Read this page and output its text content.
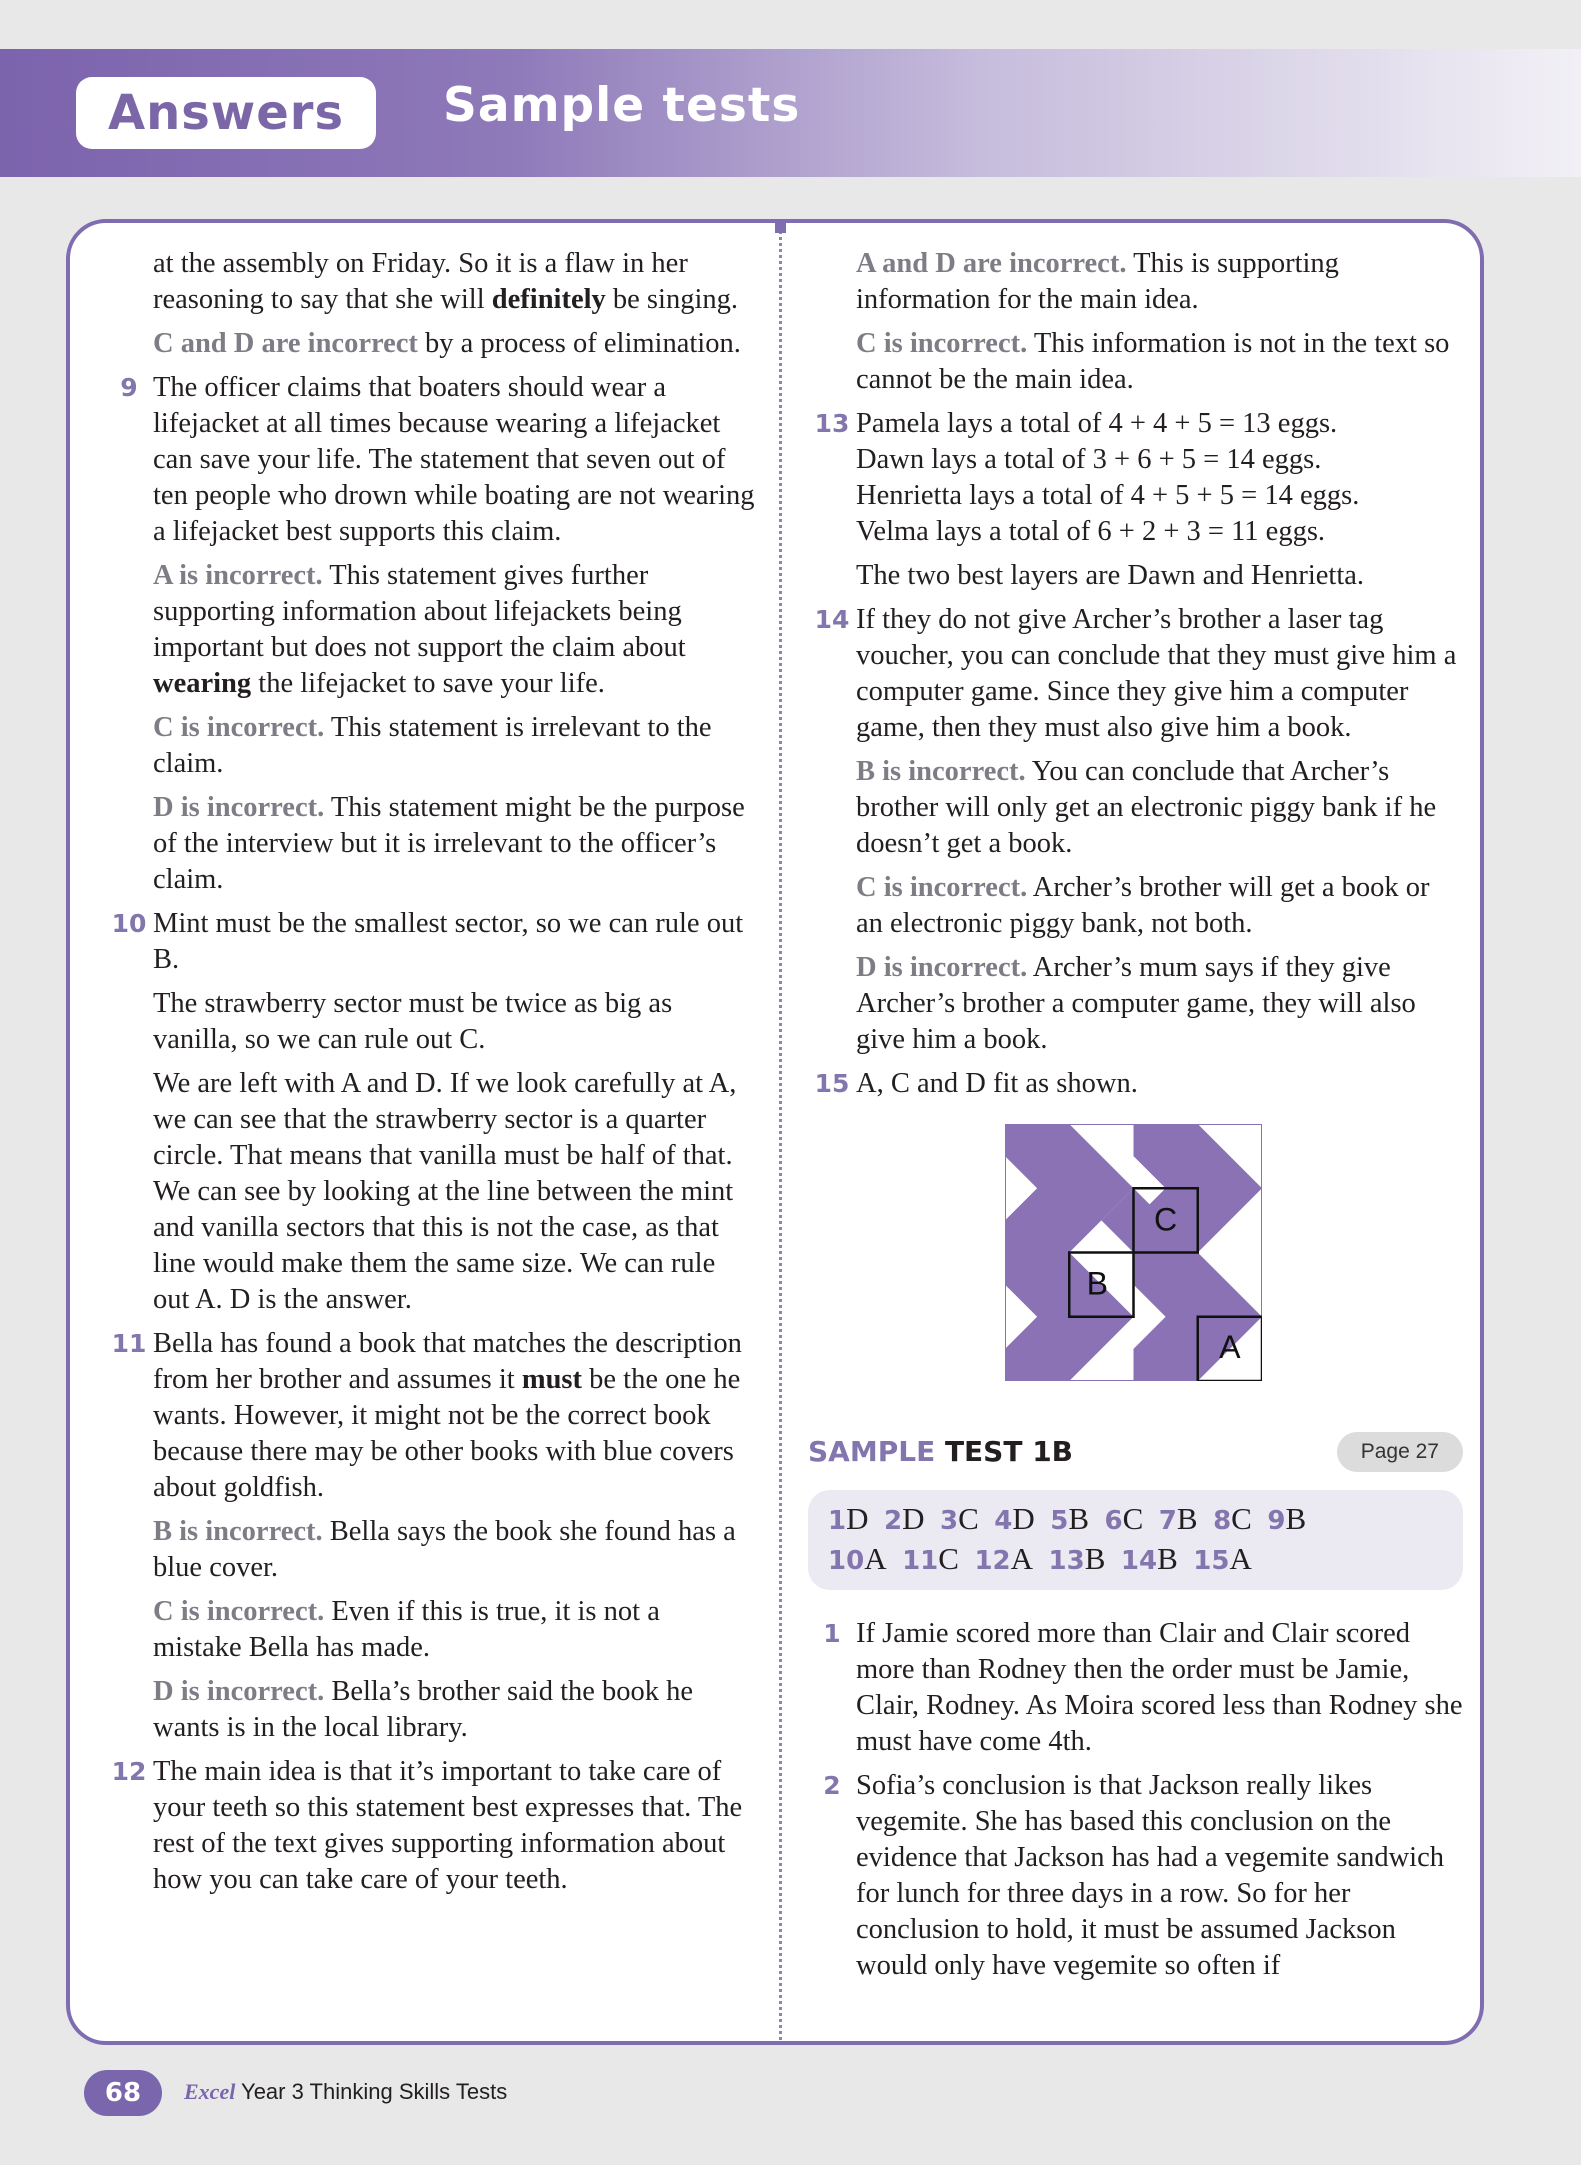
Answers Sample tests
at the assembly on Friday. So it is a flaw in her reasoning to say that she will definitely be singing.
C and D are incorrect by a process of elimination.
9 The officer claims that boaters should wear a lifejacket at all times because wearing a lifejacket can save your life. The statement that seven out of ten people who drown while boating are not wearing a lifejacket best supports this claim.
A is incorrect. This statement gives further supporting information about lifejackets being important but does not support the claim about wearing the lifejacket to save your life.
C is incorrect. This statement is irrelevant to the claim.
D is incorrect. This statement might be the purpose of the interview but it is irrelevant to the officer’s claim.
10 Mint must be the smallest sector, so we can rule out B.
The strawberry sector must be twice as big as vanilla, so we can rule out C.
We are left with A and D. If we look carefully at A, we can see that the strawberry sector is a quarter circle. That means that vanilla must be half of that. We can see by looking at the line between the mint and vanilla sectors that this is not the case, as that line would make them the same size. We can rule out A. D is the answer.
11 Bella has found a book that matches the description from her brother and assumes it must be the one he wants. However, it might not be the correct book because there may be other books with blue covers about goldfish.
B is incorrect. Bella says the book she found has a blue cover.
C is incorrect. Even if this is true, it is not a mistake Bella has made.
D is incorrect. Bella’s brother said the book he wants is in the local library.
12 The main idea is that it’s important to take care of your teeth so this statement best expresses that. The rest of the text gives supporting information about how you can take care of your teeth.
A and D are incorrect. This is supporting information for the main idea.
C is incorrect. This information is not in the text so cannot be the main idea.
13 Pamela lays a total of 4 + 4 + 5 = 13 eggs.
Dawn lays a total of 3 + 6 + 5 = 14 eggs.
Henrietta lays a total of 4 + 5 + 5 = 14 eggs.
Velma lays a total of 6 + 2 + 3 = 11 eggs.
The two best layers are Dawn and Henrietta.
14 If they do not give Archer’s brother a laser tag voucher, you can conclude that they must give him a computer game. Since they give him a computer game, then they must also give him a book.
B is incorrect. You can conclude that Archer’s brother will only get an electronic piggy bank if he doesn’t get a book.
C is incorrect. Archer’s brother will get a book or an electronic piggy bank, not both.
D is incorrect. Archer’s mum says if they give Archer’s brother a computer game, they will also give him a book.
15 A, C and D fit as shown.
C
B
A
SAMPLE TEST 1B	Page 27
1D  2D  3C  4D  5B  6C  7B  8C  9B
10A  11C  12A  13B  14B  15A
1 If Jamie scored more than Clair and Clair scored more than Rodney then the order must be Jamie, Clair, Rodney. As Moira scored less than Rodney she must have come 4th.
2 Sofia’s conclusion is that Jackson really likes vegemite. She has based this conclusion on the evidence that Jackson has had a vegemite sandwich for lunch for three days in a row. So for her conclusion to hold, it must be assumed Jackson would only have vegemite so often if
68	Excel Year 3 Thinking Skills Tests
